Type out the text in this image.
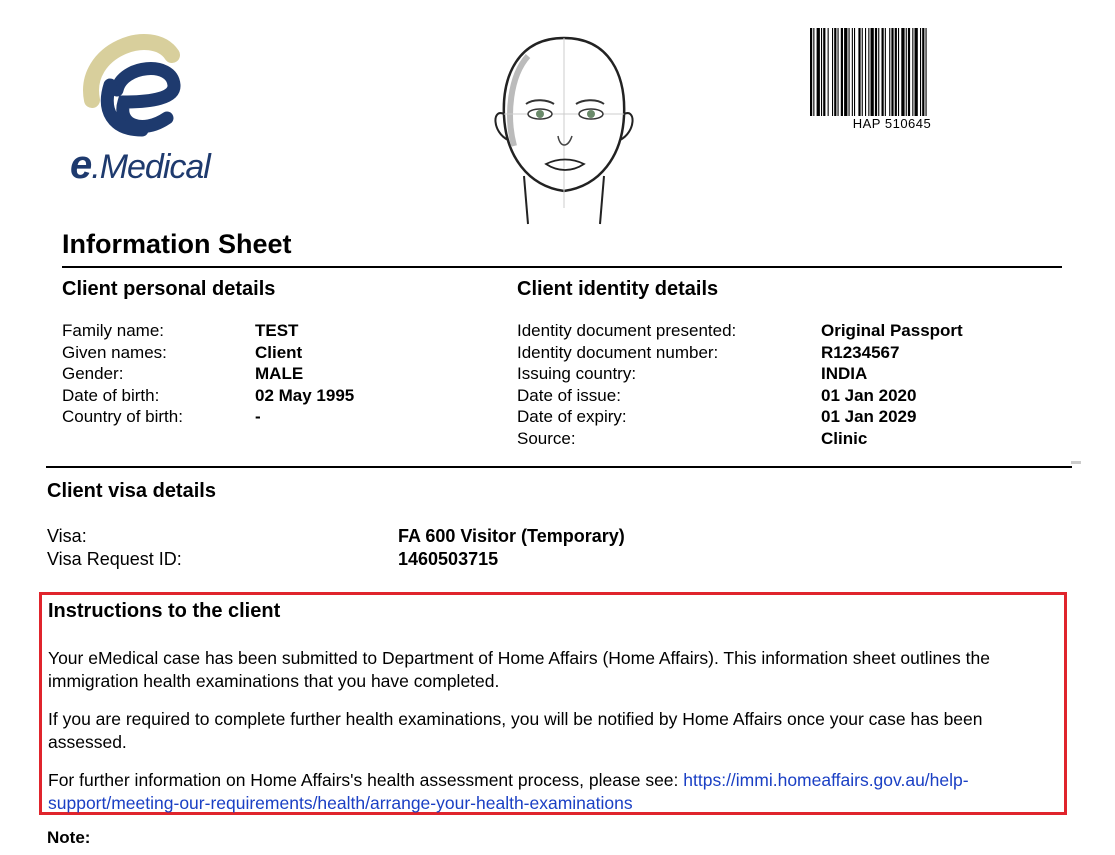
e.Medical
HAP 510645
Information Sheet
Client personal details	Client identity details
Family name:	TEST
Given names:	Client
Gender:	MALE
Date of birth:	02 May 1995
Country of birth:	-
Identity document presented:	Original Passport
Identity document number:	R1234567
Issuing country:	INDIA
Date of issue:	01 Jan 2020
Date of expiry:	01 Jan 2029
Source:	Clinic
Client visa details
Visa:	FA 600 Visitor (Temporary)
Visa Request ID:	1460503715
Instructions to the client
Your eMedical case has been submitted to Department of Home Affairs (Home Affairs). This information sheet outlines the immigration health examinations that you have completed.
If you are required to complete further health examinations, you will be notified by Home Affairs once your case has been assessed.
For further information on Home Affairs's health assessment process, please see: https://immi.homeaffairs.gov.au/help-support/meeting-our-requirements/health/arrange-your-health-examinations
Note:
